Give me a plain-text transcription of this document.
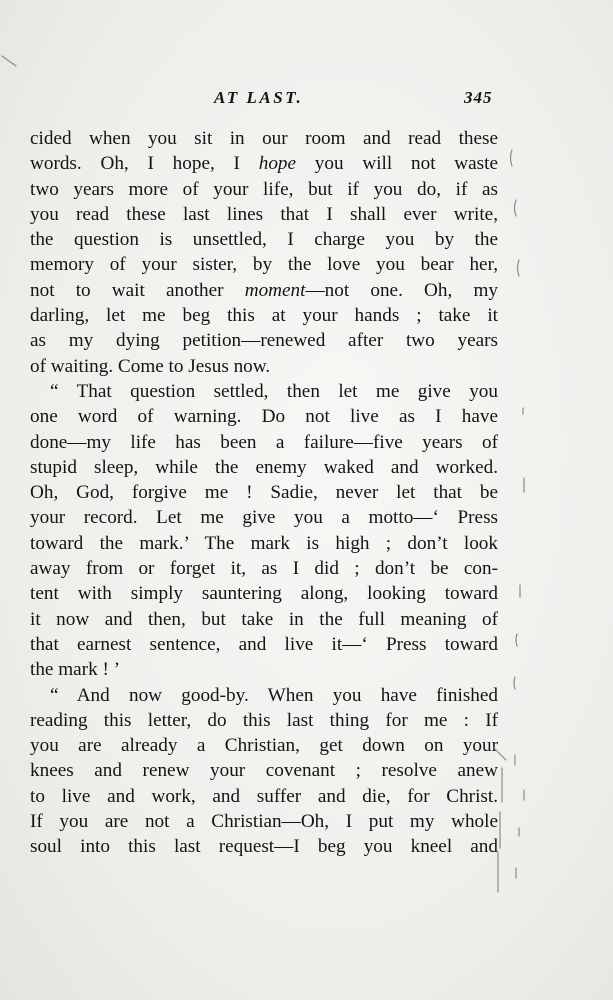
AT LAST.	345
cided when you sit in our room and read these
words. Oh, I hope, I hope you will not waste
two years more of your life, but if you do, if as
you read these last lines that I shall ever write,
the question is unsettled, I charge you by the
memory of your sister, by the love you bear her,
not to wait another moment—not one. Oh, my
darling, let me beg this at your hands ; take it
as my dying petition—renewed after two years
of waiting. Come to Jesus now.
“ That question settled, then let me give you
one word of warning. Do not live as I have
done—my life has been a failure—five years of
stupid sleep, while the enemy waked and worked.
Oh, God, forgive me ! Sadie, never let that be
your record. Let me give you a motto—‘ Press
toward the mark.’ The mark is high ; don’t look
away from or forget it, as I did ; don’t be con-
tent with simply sauntering along, looking toward
it now and then, but take in the full meaning of
that earnest sentence, and live it—‘ Press toward
the mark ! ’
“ And now good-by. When you have finished
reading this letter, do this last thing for me : If
you are already a Christian, get down on your
knees and renew your covenant ; resolve anew
to live and work, and suffer and die, for Christ.
If you are not a Christian—Oh, I put my whole
soul into this last request—I beg you kneel and
